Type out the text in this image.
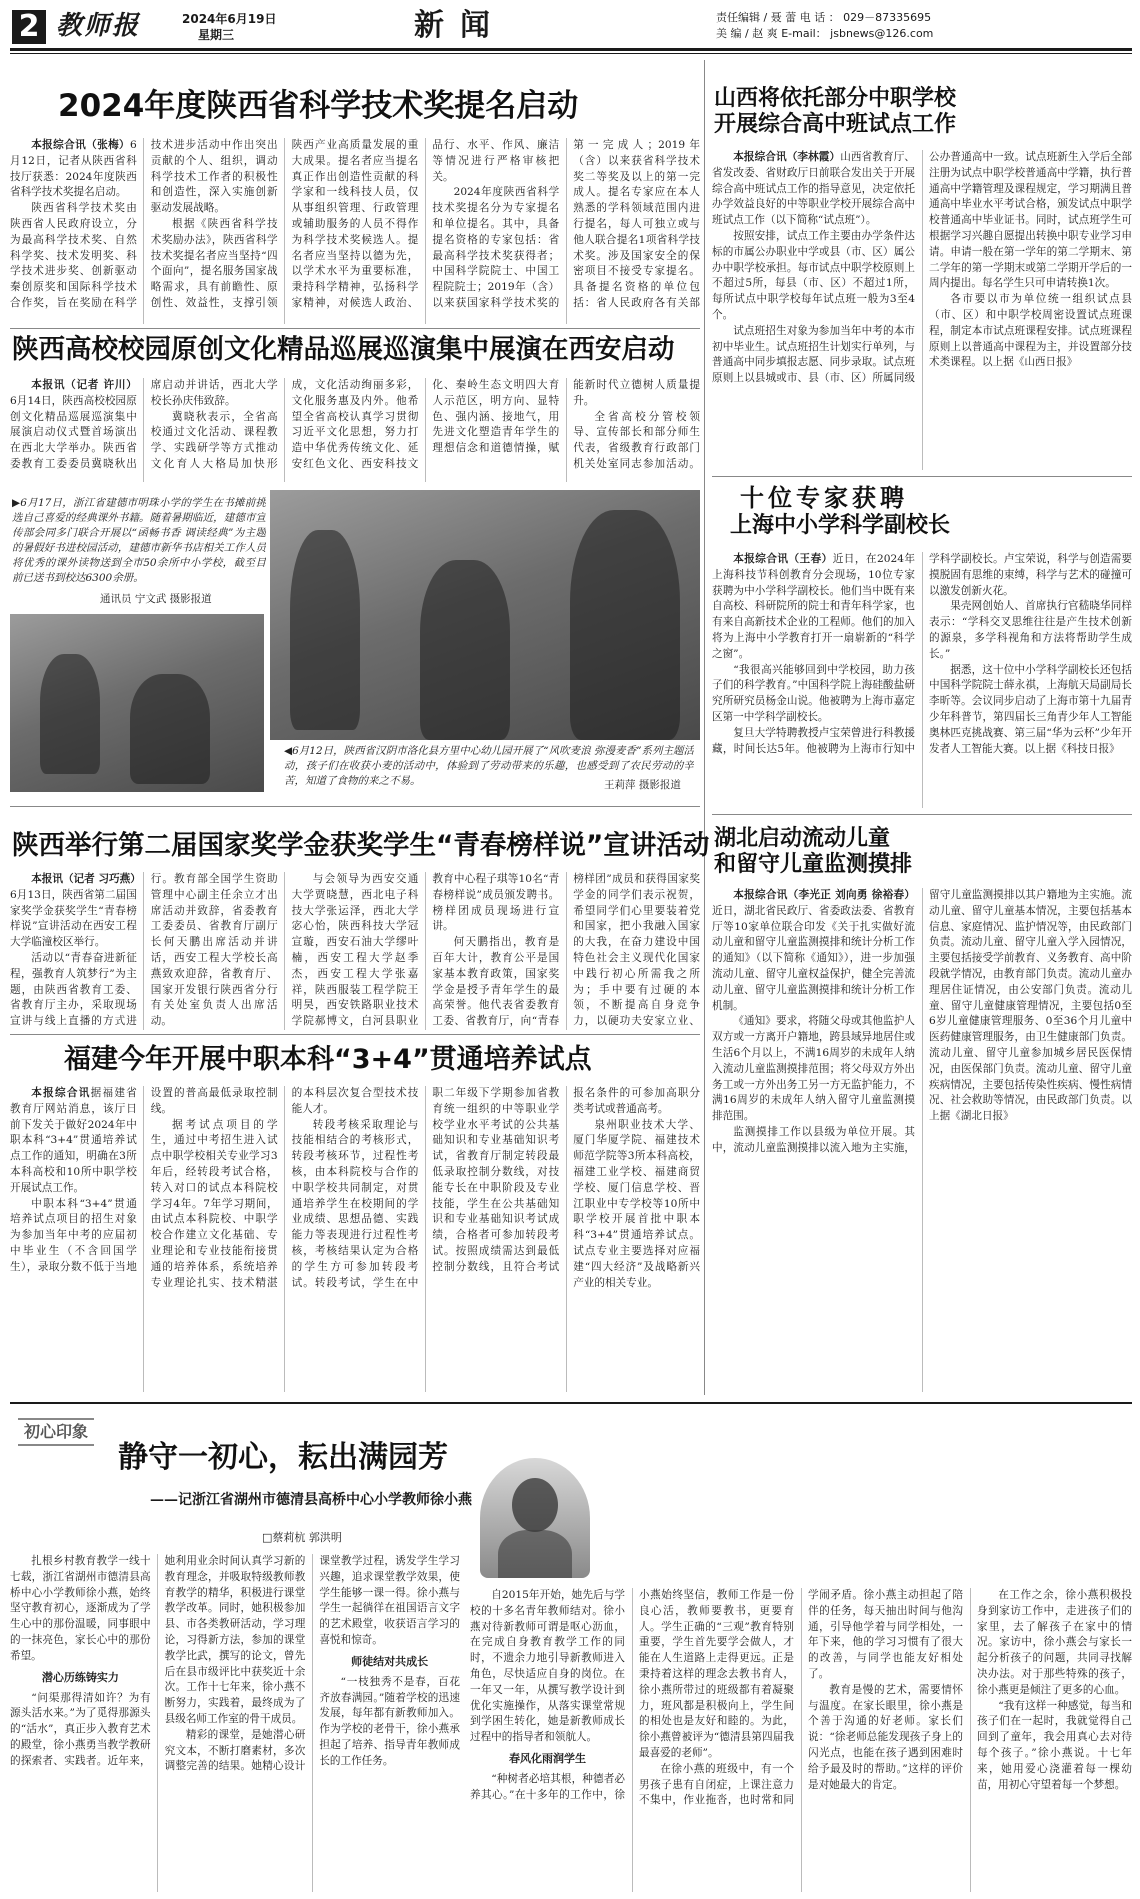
2 教师报	2024年6月19日
星期三	新闻	责任编辑 / 聂 蕾 电 话 ： 029－87335695
美 编 / 赵 爽 E-mail： jsbnews@126.com
2024年度陕西省科学技术奖提名启动

本报综合讯（张梅）6月12日，记者从陕西省科技厅获悉：2024年度陕西省科学技术奖提名启动。

陕西省科学技术奖由陕西省人民政府设立，分为最高科学技术奖、自然科学奖、技术发明奖、科学技术进步奖、创新驱动秦创原奖和国际科学技术合作奖，旨在奖励在科学技术进步活动中作出突出贡献的个人、组织，调动科学技术工作者的积极性和创造性，深入实施创新驱动发展战略。

根据《陕西省科学技术奖励办法》，陕西省科学技术奖提名者应当坚持“四个面向”，提名服务国家战略需求，具有前瞻性、原创性、效益性，支撑引领陕西产业高质量发展的重大成果。提名者应当提名真正作出创造性贡献的科学家和一线科技人员，仅从事组织管理、行政管理或辅助服务的人员不得作为科学技术奖候选人。提名者应当坚持以德为先，以学术水平为重要标准，秉持科学精神，弘扬科学家精神，对候选人政治、品行、水平、作风、廉洁等情况进行严格审核把关。

2024年度陕西省科学技术奖提名分为专家提名和单位提名。其中，具备提名资格的专家包括：省最高科学技术奖获得者；中国科学院院士、中国工程院院士；2019年（含）以来获国家科学技术奖的第一完成人；2019年（含）以来获省科学技术奖二等奖及以上的第一完成人。提名专家应在本人熟悉的学科领域范围内进行提名，每人可独立或与他人联合提名1项省科学技术奖。涉及国家安全的保密项目不接受专家提名。具备提名资格的单位包括：省人民政府各有关部

陕西高校校园原创文化精品巡展巡演集中展演在西安启动

本报讯（记者 许川）6月14日，陕西高校校园原创文化精品巡展巡演集中展演启动仪式暨首场演出在西北大学举办。陕西省委教育工委委员冀晓秋出席启动并讲话，西北大学校长孙庆伟致辞。

冀晓秋表示，全省高校通过文化活动、课程教学、实践研学等方式推动文化育人大格局加快形成，文化活动绚丽多彩，文化服务惠及内外。他希望全省高校认真学习贯彻习近平文化思想，努力打造中华优秀传统文化、延安红色文化、西安科技文化、秦岭生态文明四大育人示范区，明方向、显特色、强内涵、接地气，用先进文化塑造青年学生的理想信念和道德情操，赋能新时代立德树人质量提升。

全省高校分管校领导、宣传部长和部分师生代表，省级教育行政部门机关处室同志参加活动。

▶6月17日，浙江省建德市明珠小学的学生在书摊前挑选自己喜爱的经典课外书籍。随着暑期临近，建德市宣传部会同多门联合开展以“函畅书香 调读经典”为主题的暑假好书进校园活动，建德市新华书店相关工作人员将优秀的课外读物送到全市50余所中小学校，截至目前已送书到校达6300余册。
通讯员 宁文武 摄影报道
◀6月12日，陕西省汉阴市洛化县方里中心幼儿园开展了“风吹麦浪 弥漫麦香”系列主题活动，孩子们在收获小麦的活动中，体验到了劳动带来的乐趣，也感受到了农民劳动的辛苦，知道了食物的来之不易。	王莉萍 摄影报道
陕西举行第二届国家奖学金获奖学生“青春榜样说”宣讲活动

本报讯（记者 习巧燕）6月13日，陕西省第二届国家奖学金获奖学生“青春榜样说”宣讲活动在西安工程大学临潼校区举行。

活动以“青春奋进新征程，强教育人筑梦行”为主题，由陕西省教育工委、省教育厅主办，采取现场宣讲与线上直播的方式进行。教育部全国学生资助管理中心副主任余立才出席活动并致辞，省委教育工委委员、省教育厅副厅长何天鹏出席活动并讲话，西安工程大学校长高燕致欢迎辞，省教育厅、国家开发银行陕西省分行有关处室负责人出席活动。

与会领导为西安交通大学贾晓慧，西北电子科技大学张运泽，西北大学宓心怡，陕西科技大学冠宣璇，西安石油大学缪叶楠，西安工程大学赵季杰，西安工程大学张嘉祥，陕西服装工程学院王明昊，西安铁路职业技术学院郝博文，白河县职业教育中心程子琪等10名“青春榜样说”成员颁发聘书。榜样团成员现场进行宣讲。

何天鹏指出，教育是百年大计，教育公平是国家基本教育政策，国家奖学金是授予青年学生的最高荣誉。他代表省委教育工委、省教育厅，向“青春榜样团”成员和获得国家奖学金的同学们表示祝贺，希望同学们心里要装着党和国家，把小我融入国家的大我，在奋力建设中国特色社会主义现代化国家中践行初心所需我之所为；手中要有过硬的本领，不断提高自身竞争力，以硬功夫安家立业、

福建今年开展中职本科“3+4”贯通培养试点

本报综合讯据福建省教育厅网站消息，该厅日前下发关于做好2024年中职本科“3+4”贯通培养试点工作的通知，明确在3所本科高校和10所中职学校开展试点工作。

中职本科“3+4”贯通培养试点项目的招生对象为参加当年中考的应届初中毕业生（不含回国学生），录取分数不低于当地设置的普高最低录取控制线。

据考试点项目的学生，通过中考招生进入试点中职学校相关专业学习3年后，经转段考试合格，转入对口的试点本科院校学习4年。7年学习期间，由试点本科院校、中职学校合作建立文化基础、专业理论和专业技能衔接贯通的培养体系，系统培养专业理论扎实、技术精湛的本科层次复合型技术技能人才。

转段考核采取理论与技能相结合的考核形式，转段考核环节，过程性考核，由本科院校与合作的中职学校共同制定，对贯通培养学生在校期间的学业成绩、思想品德、实践能力等表现进行过程性考核，考核结果认定为合格的学生方可参加转段考试。转段考试，学生在中职二年级下学期参加省教育统一组织的中等职业学校学业水平考试的公共基础知识和专业基础知识考试，省教育厅制定转段最低录取控制分数线，对技能专长在中职阶段及专业技能，学生在公共基础知识和专业基础知识考试成绩，合格者可参加转段考试。按照成绩需达到最低控制分数线，且符合考试报名条件的可参加高职分类考试或普通高考。

泉州职业技术大学、厦门华厦学院、福建技术师范学院等3所本科高校，福建工业学校、福建商贸学校、厦门信息学校、晋江职业中专学校等10所中职学校开展首批中职本科“3+4”贯通培养试点。试点专业主要选择对应福建“四大经济”及战略新兴产业的相关专业。

山西将依托部分中职学校
开展综合高中班试点工作

本报综合讯（李林霞）山西省教育厅、省发改委、省财政厅日前联合发出关于开展综合高中班试点工作的指导意见，决定依托办学效益良好的中等职业学校开展综合高中班试点工作（以下简称“试点班”）。

按照安排，试点工作主要由办学条件达标的市属公办职业中学或县（市、区）属公办中职学校承担。每市试点中职学校原则上不超过5所，每县（市、区）不超过1所，每所试点中职学校每年试点班一般为3至4个。

试点班招生对象为参加当年中考的本市初中毕业生。试点班招生计划实行单列，与普通高中同步填报志愿、同步录取。试点班原则上以县城或市、县（市、区）所属同级公办普通高中一致。试点班新生入学后全部注册为试点中职学校普通高中学籍，执行普通高中学籍管理及课程规定，学习期满且普通高中毕业水平考试合格，颁发试点中职学校普通高中毕业证书。同时，试点班学生可根据学习兴趣自愿提出转换中职专业学习申请。申请一般在第一学年的第二学期末、第二学年的第一学期末或第二学期开学后的一周内提出。每名学生只可申请转换1次。

各市要以市为单位统一组织试点县（市、区）和中职学校周密设置试点班课程，制定本市试点班课程安排。试点班课程原则上以普通高中课程为主，并设置部分技术类课程。以上据《山西日报》

十位专家获聘
上海中小学科学副校长

本报综合讯（王春）近日，在2024年上海科技节科创教育分会现场，10位专家获聘为中小学科学副校长。他们当中既有来自高校、科研院所的院士和青年科学家，也有来自高新技术企业的工程师。他们的加入将为上海中小学教育打开一扇崭新的“科学之窗”。

“我很高兴能够回到中学校园，助力孩子们的科学教育。”中国科学院上海硅酸盐研究所研究员杨金山说。他被聘为上海市嘉定区第一中学科学副校长。

复旦大学特聘教授卢宝荣曾进行科教援藏，时间长达5年。他被聘为上海市行知中学科学副校长。卢宝荣说，科学与创造需要摸脱固有思维的束缚，科学与艺术的碰撞可以激发创新火花。

果壳网创始人、首席执行官嵇晓华同样表示：“学科交叉思维往往是产生技术创新的源泉，多学科视角和方法将帮助学生成长。”

据悉，这十位中小学科学副校长还包括中国科学院院士薛永祺，上海航天局副局长李昕等。会议同步启动了上海市第十九届青少年科普节，第四届长三角青少年人工智能奥林匹克挑战赛、第三届“华为云杯”少年开发者人工智能大赛。以上据《科技日报》

湖北启动流动儿童
和留守儿童监测摸排

本报综合讯（李光正 刘向勇 徐裕春）近日，湖北省民政厅、省委政法委、省教育厅等10家单位联合印发《关于扎实做好流动儿童和留守儿童监测摸排和统计分析工作的通知》（以下简称《通知》），进一步加强流动儿童、留守儿童权益保护，健全完善流动儿童、留守儿童监测摸排和统计分析工作机制。

《通知》要求，将随父母或其他监护人双方或一方离开户籍地，跨县域异地居住或生活6个月以上，不满16周岁的未成年人纳入流动儿童监测摸排范围；将父母双方外出务工或一方外出务工另一方无监护能力，不满16周岁的未成年人纳入留守儿童监测摸排范围。

监测摸排工作以县级为单位开展。其中，流动儿童监测摸排以流入地为主实施，留守儿童监测摸排以其户籍地为主实施。流动儿童、留守儿童基本情况，主要包括基本信息、家庭情况、监护情况等，由民政部门负责。流动儿童、留守儿童入学入园情况，主要包括接受学前教育、义务教育、高中阶段就学情况，由教育部门负责。流动儿童办理居住证情况，由公安部门负责。流动儿童、留守儿童健康管理情况，主要包括0至6岁儿童健康管理服务、0至36个月儿童中医药健康管理服务，由卫生健康部门负责。流动儿童、留守儿童参加城乡居民医保情况，由医保部门负责。流动儿童、留守儿童疾病情况，主要包括传染性疾病、慢性病情况、社会救助等情况，由民政部门负责。以上据《湖北日报》

初心印象
静守一初心，耘出满园芳
——记浙江省湖州市德清县高桥中心小学教师徐小燕
□蔡莉杭 郭洪明

扎根乡村教育教学一线十七载，浙江省湖州市德清县高桥中心小学教师徐小燕，始终坚守教育初心，逐渐成为了学生心中的那份温暖，同事眼中的一抹亮色，家长心中的那份希望。

潜心历练铸实力

“问渠那得清如许？为有源头活水来。”为了觅得那源头的“活水”，真正步入教育艺术的殿堂，徐小燕勇当教学教研的探索者、实践者。近年来，她利用业余时间认真学习新的教育理念，并吸取特级教师教育教学的精华，积极进行课堂教学改革。同时，她积极参加县、市各类教研活动，学习理论，习得新方法，参加的课堂教学比武，撰写的论文，曾先后在县市级评比中获奖近十余次。工作十七年来，徐小燕不断努力，实践着，最终成为了县级名师工作室的骨干成员。

精彩的课堂，是她潜心研究文本，不断打磨素材，多次调整完善的结果。她精心设计课堂教学过程，诱发学生学习兴趣，追求课堂教学效果，使学生能够一课一得。徐小燕与学生一起徜徉在祖国语言文字的艺术殿堂，收获语言学习的喜悦和惊奇。

师徒结对共成长

“一枝独秀不是春，百花齐放春满园。”随着学校的迅速发展，每年都有新教师加入。作为学校的老骨干，徐小燕承担起了培养、指导青年教师成长的工作任务。

自2015年开始，她先后与学校的十多名青年教师结对。徐小燕对待新教师可谓是呕心沥血，在完成自身教育教学工作的同时，不遗余力地引导新教师进入角色，尽快适应自身的岗位。在一年又一年，从撰写教学设计到优化实施操作，从落实课堂常规到学困生转化，她是新教师成长过程中的指导者和领航人。

春风化雨润学生

“种树者必培其根，种德者必养其心。”在十多年的工作中，徐小燕始终坚信，教师工作是一份良心活，教师要教书，更要育人。学生正确的“三观”教育特别重要，学生首先要学会做人，才能在人生道路上走得更远。正是秉持着这样的理念去教书育人，徐小燕所带过的班级都有着凝聚力，班风都是积极向上，学生间的相处也是友好和睦的。为此，徐小燕曾被评为“德清县第四届我最喜爱的老师”。

在徐小燕的班级中，有一个男孩子患有自闭症，上课注意力不集中，作业拖沓，也时常和同学闹矛盾。徐小燕主动担起了陪伴的任务，每天抽出时间与他沟通，引导他学着与同学相处，一年下来，他的学习习惯有了很大的改善，与同学也能友好相处了。

教育是慢的艺术，需要情怀与温度。在家长眼里，徐小燕是个善于沟通的好老师。家长们说：“徐老师总能发现孩子身上的闪光点，也能在孩子遇到困难时给予最及时的帮助。”这样的评价是对她最大的肯定。

在工作之余，徐小燕积极投身到家访工作中，走进孩子们的家里，去了解孩子在家中的情况。家访中，徐小燕会与家长一起分析孩子的问题，共同寻找解决办法。对于那些特殊的孩子，徐小燕更是倾注了更多的心血。

“我有这样一种感觉，每当和孩子们在一起时，我就觉得自己回到了童年，我会用真心去对待每个孩子。”徐小燕说。十七年来，她用爱心浇灌着每一棵幼苗，用初心守望着每一个梦想。
